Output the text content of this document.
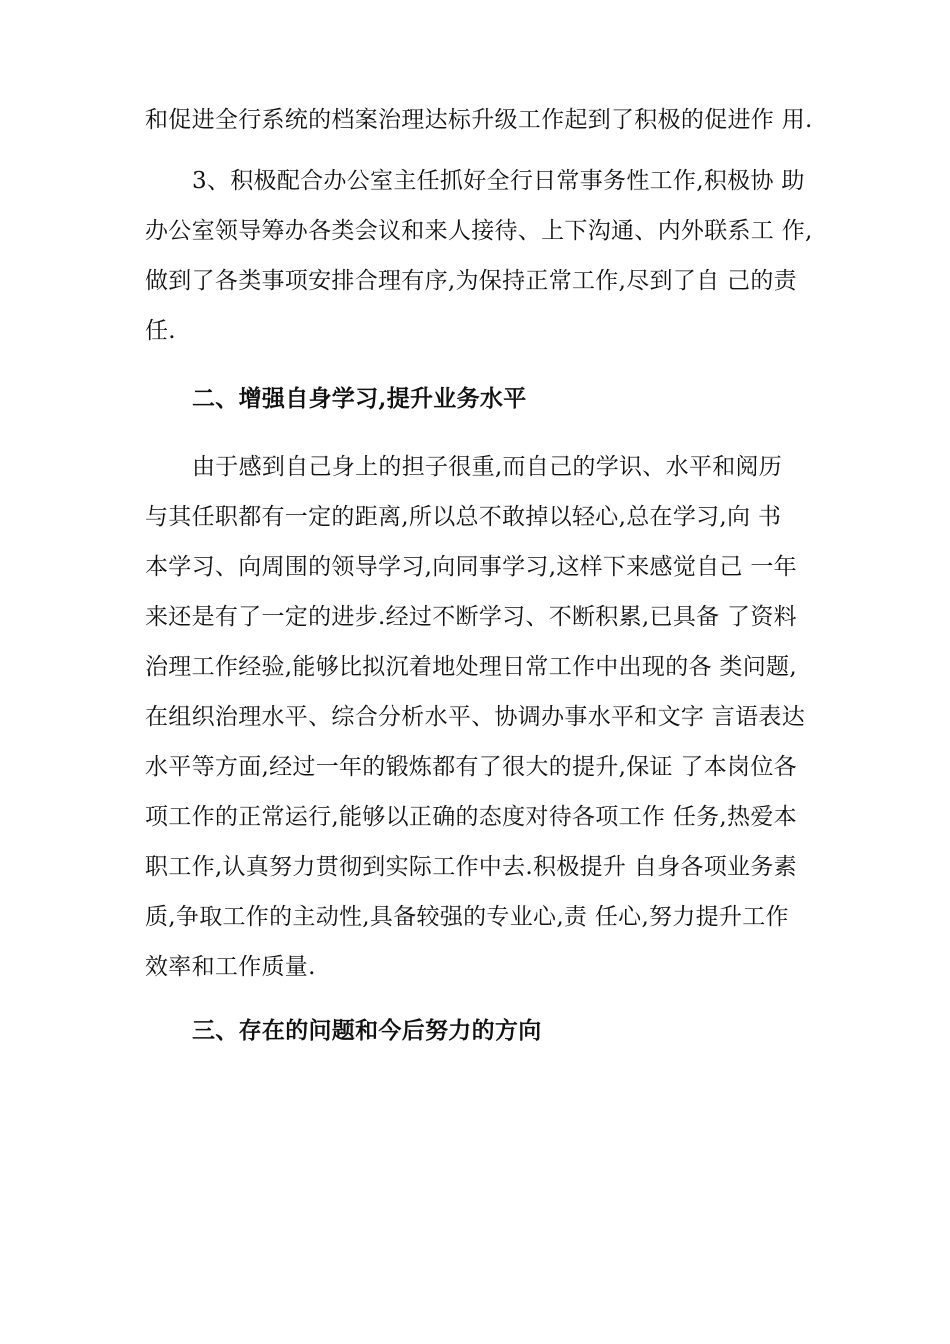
和促进全行系统的档案治理达标升级工作起到了积极的促进作 用.
3、积极配合办公室主任抓好全行日常事务性工作,积极协 助
办公室领导筹办各类会议和来人接待、上下沟通、内外联系工 作,
做到了各类事项安排合理有序,为保持正常工作,尽到了自 己的责
任.
二、增强自身学习,提升业务水平
由于感到自己身上的担子很重,而自己的学识、水平和阅历
与其任职都有一定的距离,所以总不敢掉以轻心,总在学习,向 书
本学习、向周围的领导学习,向同事学习,这样下来感觉自己 一年
来还是有了一定的进步.经过不断学习、不断积累,已具备 了资料
治理工作经验,能够比拟沉着地处理日常工作中出现的各 类问题,
在组织治理水平、综合分析水平、协调办事水平和文字 言语表达
水平等方面,经过一年的锻炼都有了很大的提升,保证 了本岗位各
项工作的正常运行,能够以正确的态度对待各项工作 任务,热爱本
职工作,认真努力贯彻到实际工作中去.积极提升 自身各项业务素
质,争取工作的主动性,具备较强的专业心,责 任心,努力提升工作
效率和工作质量.
三、存在的问题和今后努力的方向
